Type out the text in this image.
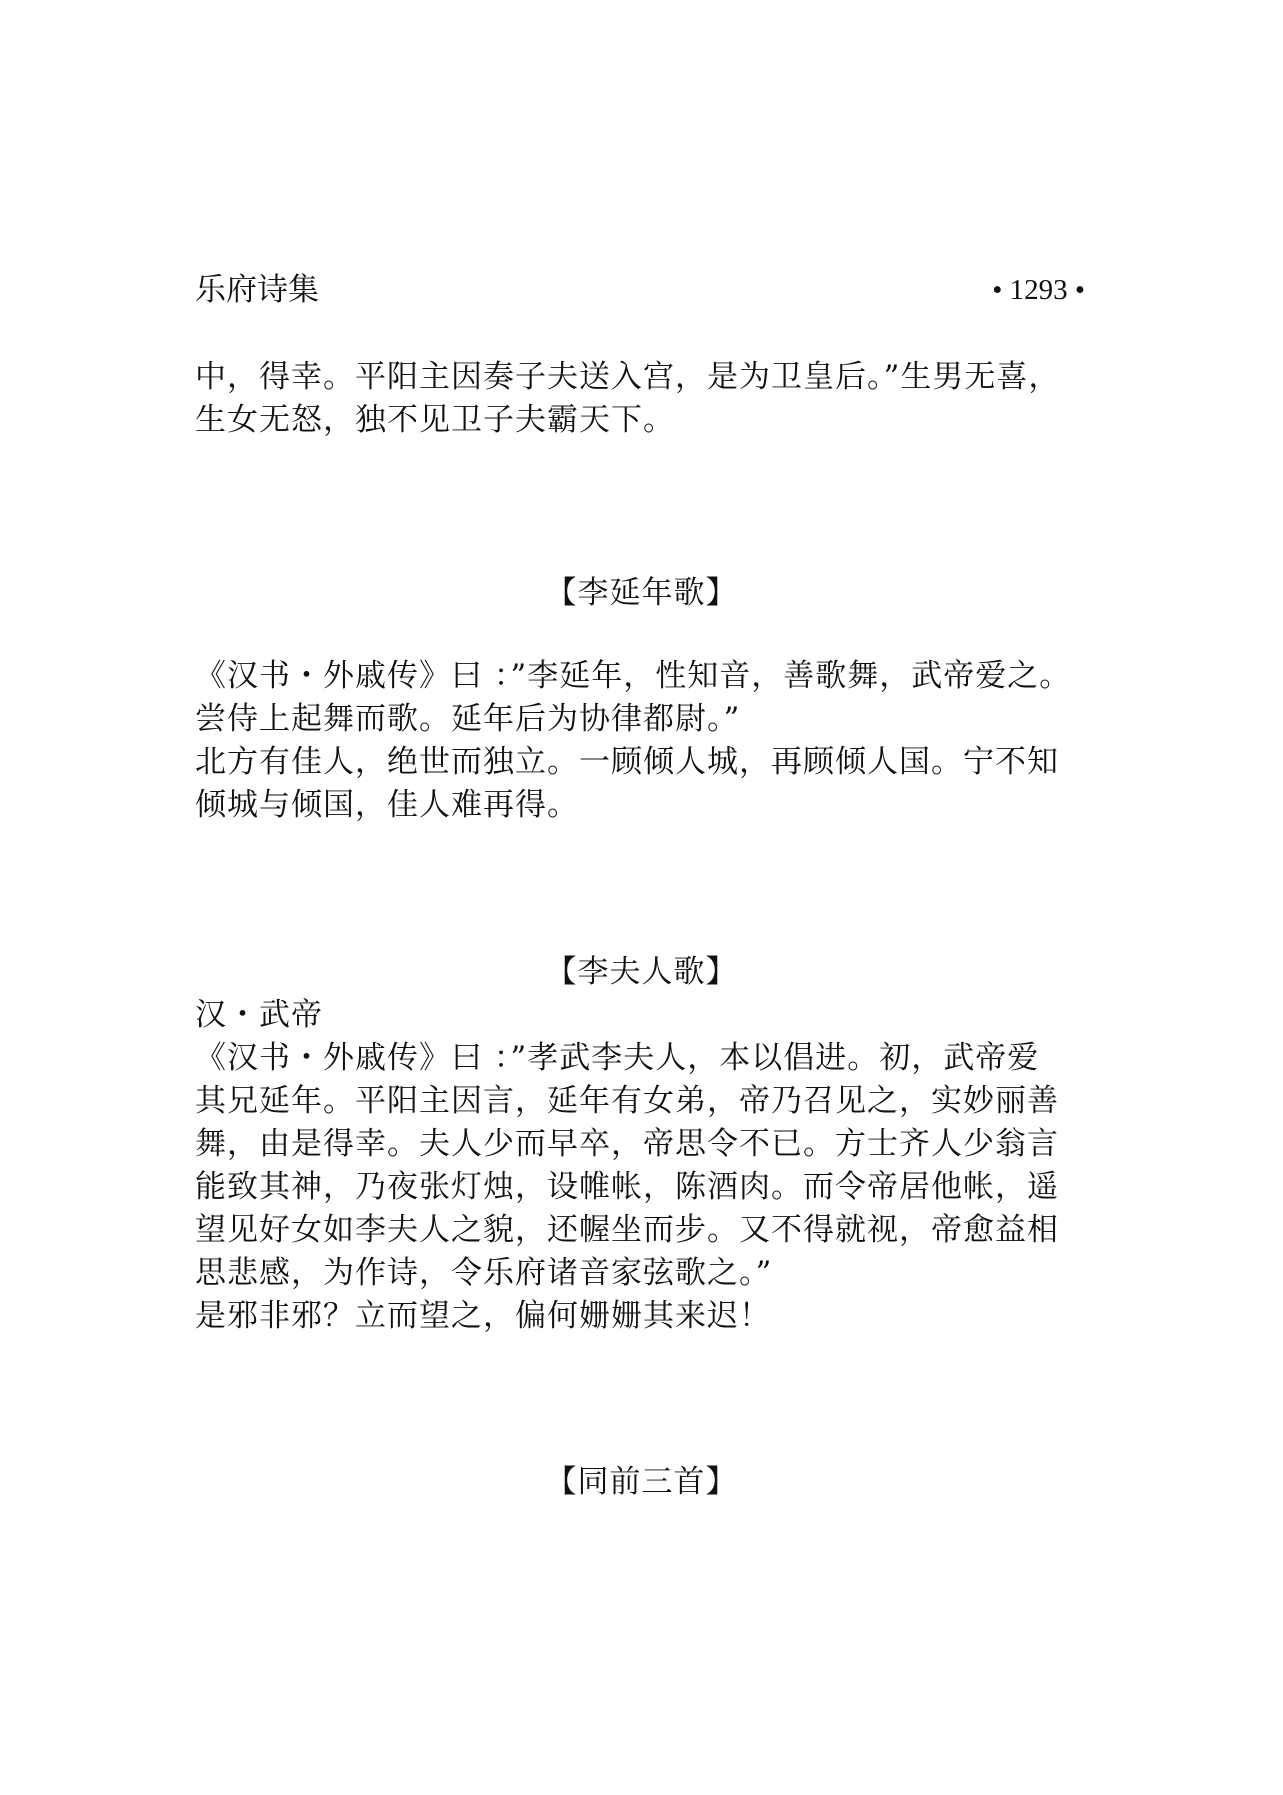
乐府诗集	• 1293 •

中，得幸。平阳主因奏子夫送入宫，是为卫皇后。”生男无喜，

生女无怒，独不见卫子夫霸天下。

【李延年歌】

《汉书・外戚传》曰 ：”李延年，性知音，善歌舞，武帝爱之。

尝侍上起舞而歌。延年后为协律都尉。”

北方有佳人，绝世而独立。一顾倾人城，再顾倾人国。宁不知

倾城与倾国，佳人难再得。

【李夫人歌】

汉・武帝

《汉书・外戚传》曰 ：”孝武李夫人，本以倡进。初，武帝爱

其兄延年。平阳主因言，延年有女弟，帝乃召见之，实妙丽善

舞，由是得幸。夫人少而早卒，帝思令不已。方士齐人少翁言

能致其神，乃夜张灯烛，设帷帐，陈酒肉。而令帝居他帐，遥

望见好女如李夫人之貌，还幄坐而步。又不得就视，帝愈益相

思悲感，为作诗，令乐府诸音家弦歌之。”

是邪非邪？立而望之，偏何姗姗其来迟！

【同前三首】
